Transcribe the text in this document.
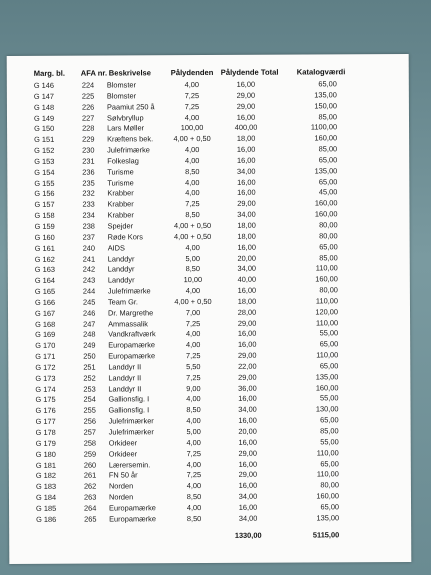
Marg. bl. AFA nr. Beskrivelse	Pålydenden Pålydende Total Katalogværdi
G 146	224 Blomster	4,00	16,00	65,00
G 147	225 Blomster	7,25	29,00	135,00
G 148	226 Paamiut 250 å	7,25	29,00	150,00
G 149	227 Sølvbryllup	4,00	16,00	85,00
G 150	228 Lars Møller	100,00	400,00	1100,00
G 151	229 Kræftens bek.	4,00 + 0,50	18,00	160,00
G 152	230 Julefrimærke	4,00	16,00	85,00
G 153	231 Folkeslag	4,00	16,00	65,00
G 154	236 Turisme	8,50	34,00	135,00
G 155	235 Turisme	4,00	16,00	65,00
G 156	232 Krabber	4,00	16,00	45,00
G 157	233 Krabber	7,25	29,00	160,00
G 158	234 Krabber	8,50	34,00	160,00
G 159	238 Spejder	4,00 + 0,50	18,00	80,00
G 160	237 Røde Kors	4,00 + 0,50	18,00	80,00
G 161	240 AIDS	4,00	16,00	65,00
G 162	241 Landdyr	5,00	20,00	85,00
G 163	242 Landdyr	8,50	34,00	110,00
G 164	243 Landdyr	10,00	40,00	160,00
G 165	244 Julefrimærke	4,00	16,00	80,00
G 166	245 Team Gr.	4,00 + 0,50	18,00	110,00
G 167	246 Dr. Margrethe	7,00	28,00	120,00
G 168	247 Ammassalik	7,25	29,00	110,00
G 169	248 Vandkraftværk	4,00	16,00	55,00
G 170	249 Europamærke	4,00	16,00	65,00
G 171	250 Europamærke	7,25	29,00	110,00
G 172	251 Landdyr II	5,50	22,00	65,00
G 173	252 Landdyr II	7,25	29,00	135,00
G 174	253 Landdyr II	9,00	36,00	160,00
G 175	254 Gallionsfig. I	4,00	16,00	55,00
G 176	255 Gallionsfig. I	8,50	34,00	130,00
G 177	256 Julefrimærker	4,00	16,00	65,00
G 178	257 Julefrimærker	5,00	20,00	85,00
G 179	258 Orkideer	4,00	16,00	55,00
G 180	259 Orkideer	7,25	29,00	110,00
G 181	260 Lærersemin.	4,00	16,00	65,00
G 182	261 FN 50 år	7,25	29,00	110,00
G 183	262 Norden	4,00	16,00	80,00
G 184	263 Norden	8,50	34,00	160,00
G 185	264 Europamærke	4,00	16,00	65,00
G 186	265 Europamærke	8,50	34,00	135,00
1330,00	5115,00
